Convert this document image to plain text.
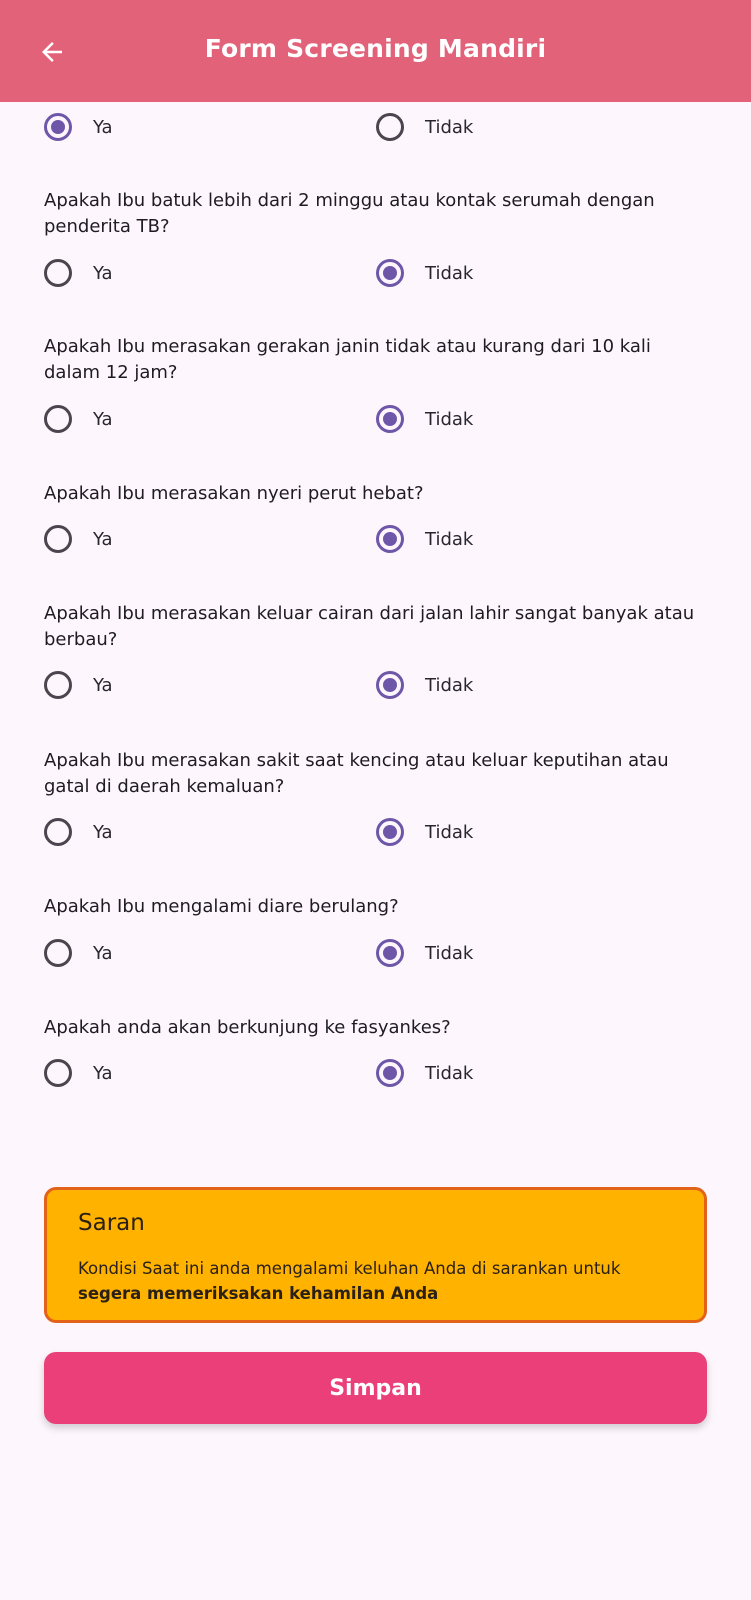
Form Screening Mandiri
Ya	Tidak
Apakah Ibu batuk lebih dari 2 minggu atau kontak serumah dengan penderita TB?
Ya	Tidak
Apakah Ibu merasakan gerakan janin tidak atau kurang dari 10 kali dalam 12 jam?
Ya	Tidak
Apakah Ibu merasakan nyeri perut hebat?
Ya	Tidak
Apakah Ibu merasakan keluar cairan dari jalan lahir sangat banyak atau berbau?
Ya	Tidak
Apakah Ibu merasakan sakit saat kencing atau keluar keputihan atau gatal di daerah kemaluan?
Ya	Tidak
Apakah Ibu mengalami diare berulang?
Ya	Tidak
Apakah anda akan berkunjung ke fasyankes?
Ya	Tidak
Saran
Kondisi Saat ini anda mengalami keluhan Anda di sarankan untuk
segera memeriksakan kehamilan Anda
Simpan
